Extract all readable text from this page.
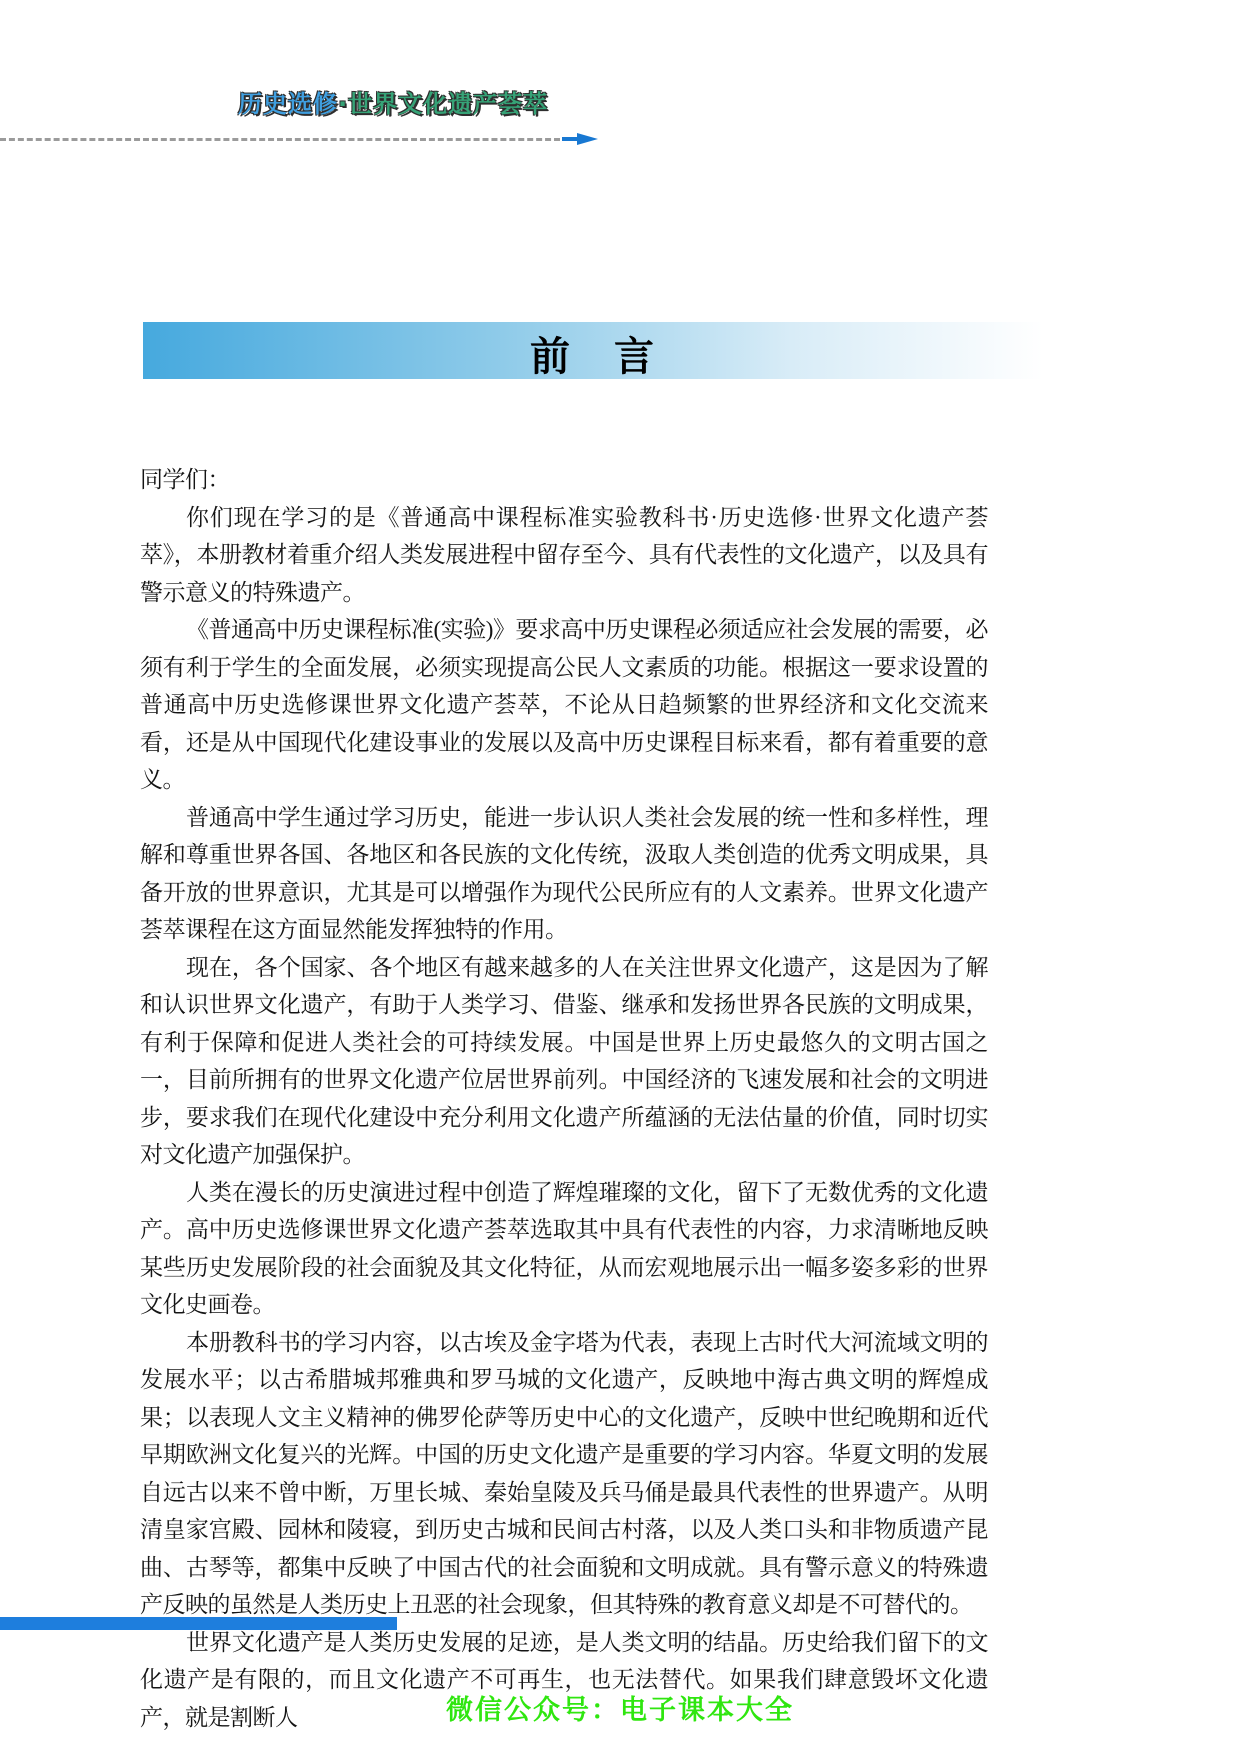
历史选修·世界文化遗产荟萃
前　言

同学们：

你们现在学习的是《普通高中课程标准实验教科书·历史选修·世界文化遗产荟萃》，本册教材着重介绍人类发展进程中留存至今、具有代表性的文化遗产，以及具有警示意义的特殊遗产。

《普通高中历史课程标准(实验)》要求高中历史课程必须适应社会发展的需要，必须有利于学生的全面发展，必须实现提高公民人文素质的功能。根据这一要求设置的普通高中历史选修课世界文化遗产荟萃，不论从日趋频繁的世界经济和文化交流来看，还是从中国现代化建设事业的发展以及高中历史课程目标来看，都有着重要的意义。

普通高中学生通过学习历史，能进一步认识人类社会发展的统一性和多样性，理解和尊重世界各国、各地区和各民族的文化传统，汲取人类创造的优秀文明成果，具备开放的世界意识，尤其是可以增强作为现代公民所应有的人文素养。世界文化遗产荟萃课程在这方面显然能发挥独特的作用。

现在，各个国家、各个地区有越来越多的人在关注世界文化遗产，这是因为了解和认识世界文化遗产，有助于人类学习、借鉴、继承和发扬世界各民族的文明成果，有利于保障和促进人类社会的可持续发展。中国是世界上历史最悠久的文明古国之一，目前所拥有的世界文化遗产位居世界前列。中国经济的飞速发展和社会的文明进步，要求我们在现代化建设中充分利用文化遗产所蕴涵的无法估量的价值，同时切实对文化遗产加强保护。

人类在漫长的历史演进过程中创造了辉煌璀璨的文化，留下了无数优秀的文化遗产。高中历史选修课世界文化遗产荟萃选取其中具有代表性的内容，力求清晰地反映某些历史发展阶段的社会面貌及其文化特征，从而宏观地展示出一幅多姿多彩的世界文化史画卷。

本册教科书的学习内容，以古埃及金字塔为代表，表现上古时代大河流域文明的发展水平；以古希腊城邦雅典和罗马城的文化遗产，反映地中海古典文明的辉煌成果；以表现人文主义精神的佛罗伦萨等历史中心的文化遗产，反映中世纪晚期和近代早期欧洲文化复兴的光辉。中国的历史文化遗产是重要的学习内容。华夏文明的发展自远古以来不曾中断，万里长城、秦始皇陵及兵马俑是最具代表性的世界遗产。从明清皇家宫殿、园林和陵寝，到历史古城和民间古村落，以及人类口头和非物质遗产昆曲、古琴等，都集中反映了中国古代的社会面貌和文明成就。具有警示意义的特殊遗产反映的虽然是人类历史上丑恶的社会现象，但其特殊的教育意义却是不可替代的。

世界文化遗产是人类历史发展的足迹，是人类文明的结晶。历史给我们留下的文化遗产是有限的，而且文化遗产不可再生，也无法替代。如果我们肆意毁坏文化遗产，就是割断人	微信公众号：电子课本大全
